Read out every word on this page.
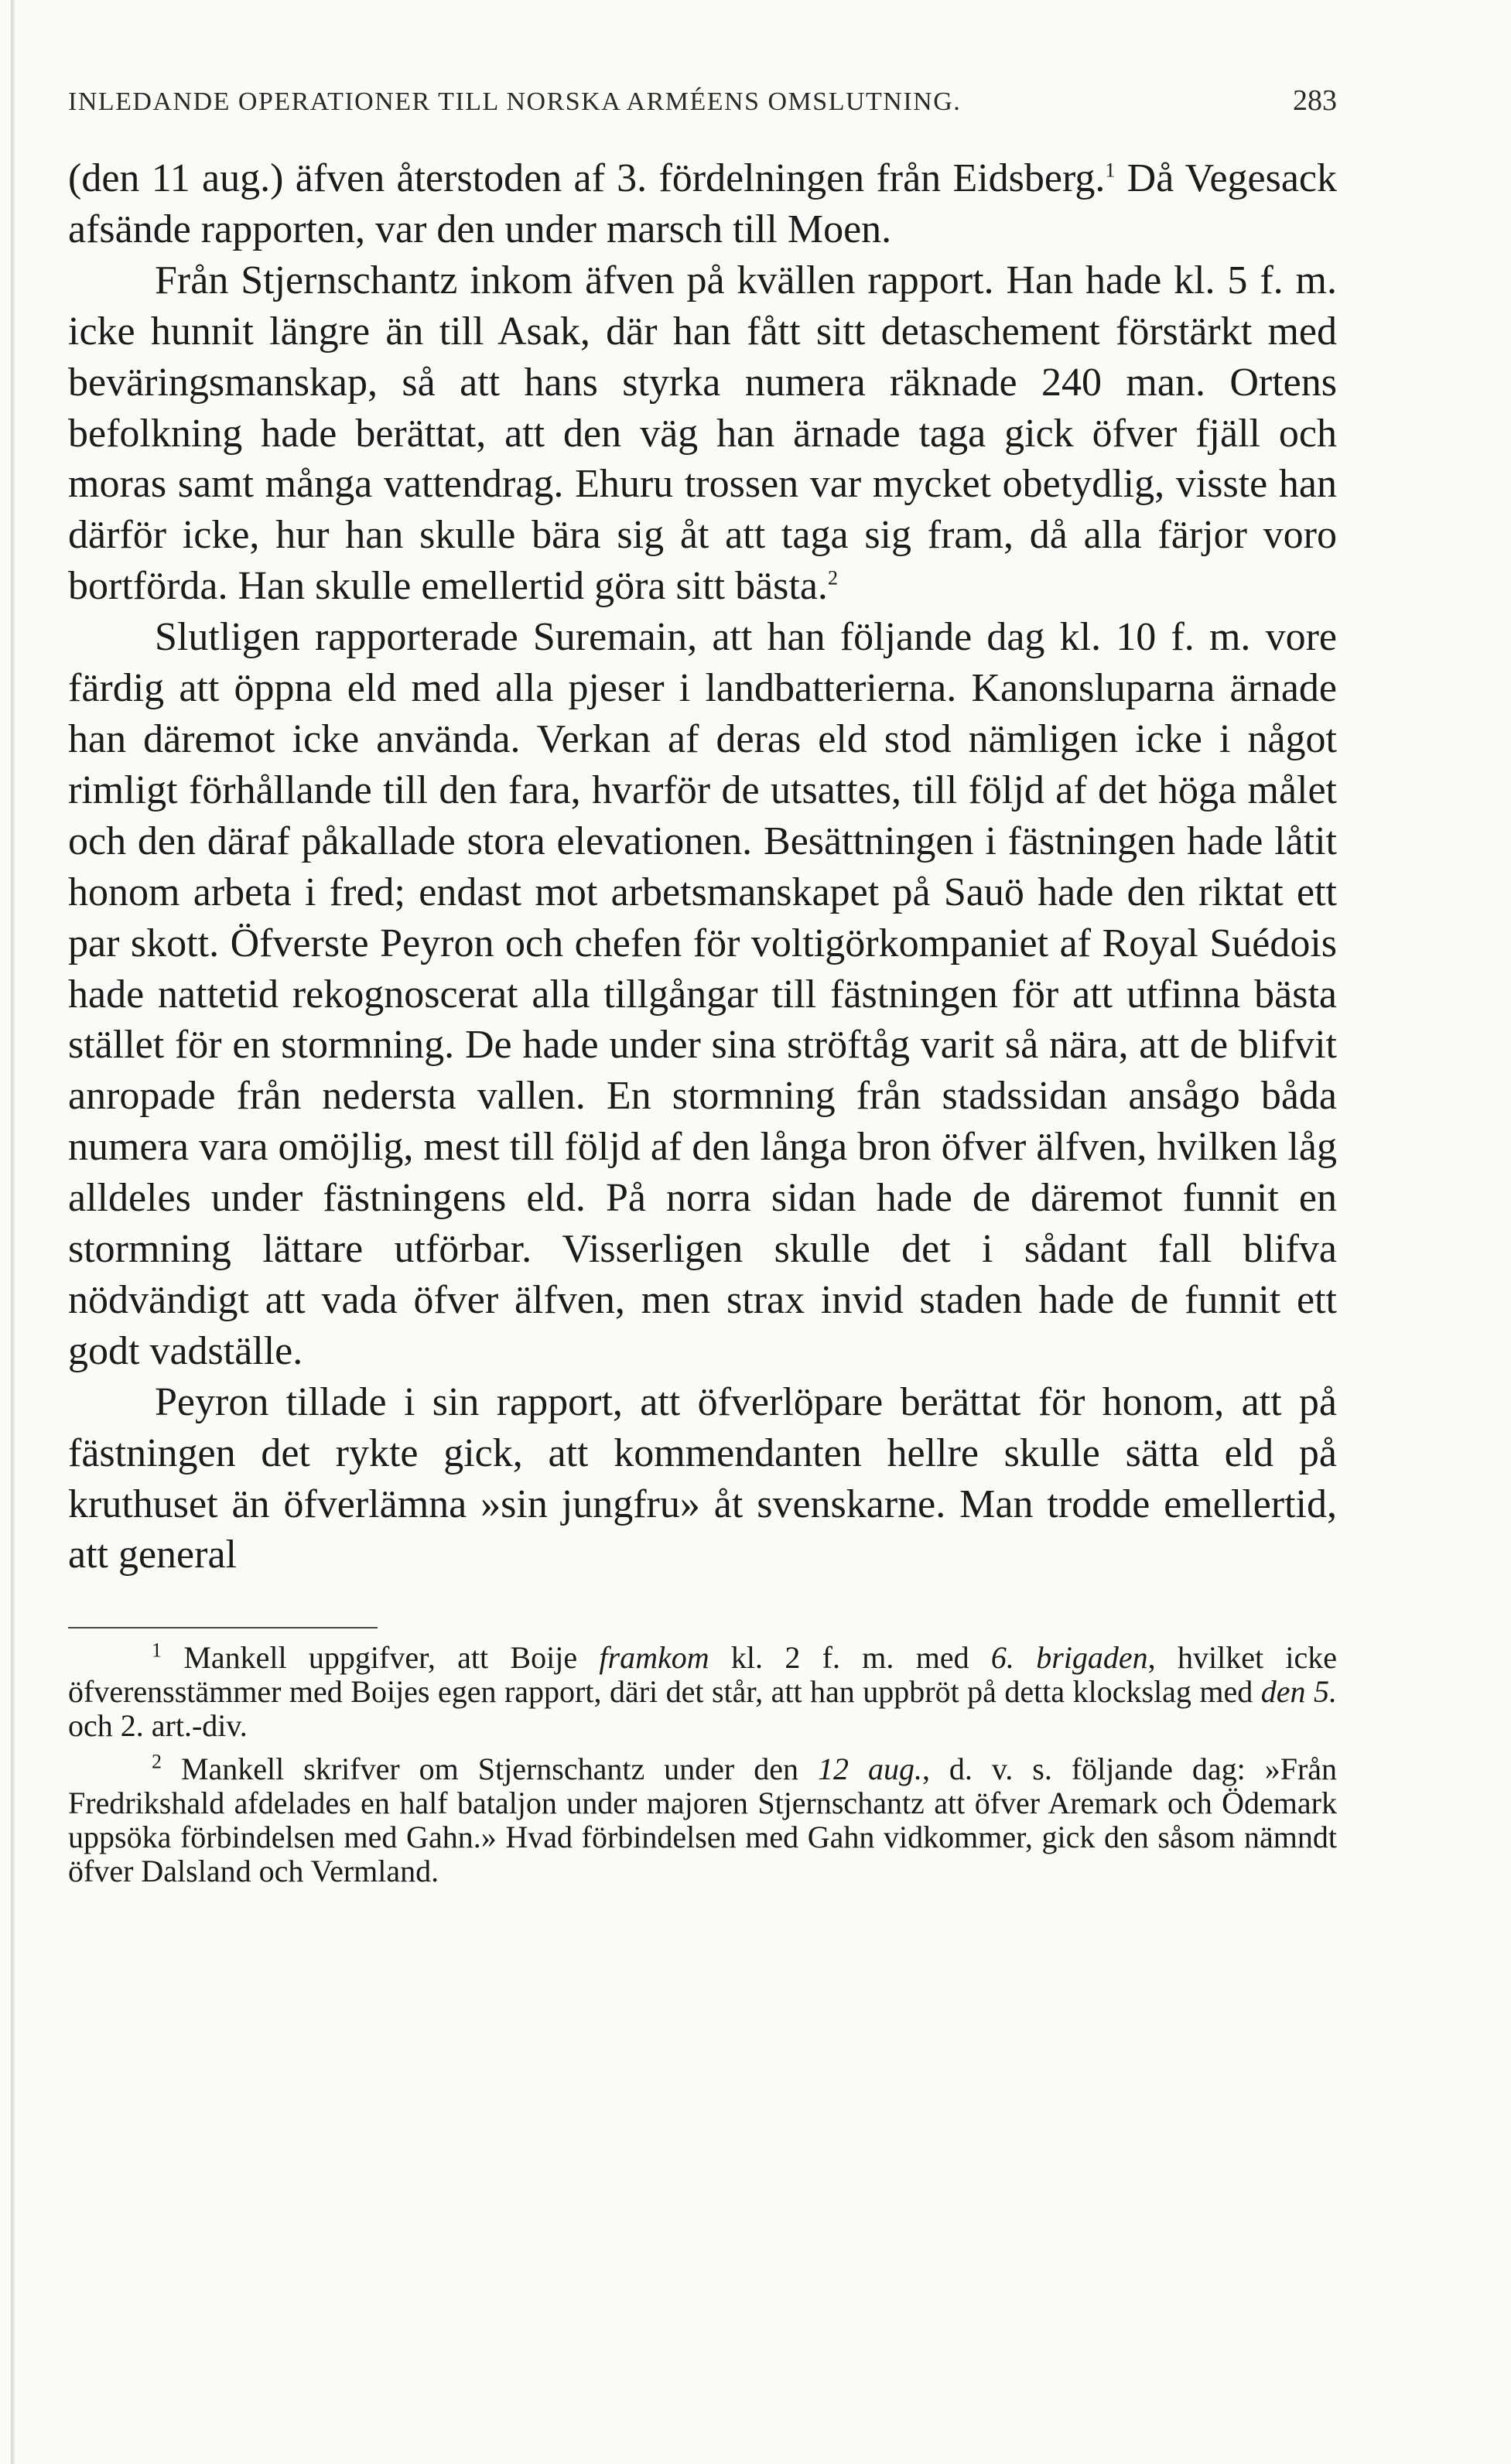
INLEDANDE OPERATIONER TILL NORSKA ARMÉENS OMSLUTNING.	283

(den 11 aug.) äfven återstoden af 3. fördelningen från Eidsberg.$^1$ Då Vegesack afsände rapporten, var den under marsch till Moen.

Från Stjernschantz inkom äfven på kvällen rapport. Han hade kl. 5 f. m. icke hunnit längre än till Asak, där han fått sitt detaschement förstärkt med beväringsmanskap, så att hans styrka numera räknade 240 man. Ortens befolkning hade berättat, att den väg han ärnade taga gick öfver fjäll och moras samt många vattendrag. Ehuru trossen var mycket obetydlig, visste han därför icke, hur han skulle bära sig åt att taga sig fram, då alla färjor voro bortförda. Han skulle emellertid göra sitt bästa.$^2$

Slutligen rapporterade Suremain, att han följande dag kl. 10 f. m. vore färdig att öppna eld med alla pjeser i landbatterierna. Kanonsluparna ärnade han däremot icke använda. Verkan af deras eld stod nämligen icke i något rimligt förhållande till den fara, hvarför de utsattes, till följd af det höga målet och den däraf påkallade stora elevationen. Besättningen i fästningen hade låtit honom arbeta i fred; endast mot arbetsmanskapet på Sauö hade den riktat ett par skott. Öfverste Peyron och chefen för voltigörkompaniet af Royal Suédois hade nattetid rekognoscerat alla tillgångar till fästningen för att utfinna bästa stället för en stormning. De hade under sina ströftåg varit så nära, att de blifvit anropade från nedersta vallen. En stormning från stadssidan ansågo båda numera vara omöjlig, mest till följd af den långa bron öfver älfven, hvilken låg alldeles under fästningens eld. På norra sidan hade de däremot funnit en stormning lättare utförbar. Visserligen skulle det i sådant fall blifva nödvändigt att vada öfver älfven, men strax invid staden hade de funnit ett godt vadställe.

Peyron tillade i sin rapport, att öfverlöpare berättat för honom, att på fästningen det rykte gick, att kommendanten hellre skulle sätta eld på kruthuset än öfverlämna »sin jungfru» åt svenskarne. Man trodde emellertid, att general

$^1$ Mankell uppgifver, att Boije framkom kl. 2 f. m. med 6. brigaden, hvilket icke öfverensstämmer med Boijes egen rapport, däri det står, att han uppbröt på detta klockslag med den 5. och 2. art.-div.

$^2$ Mankell skrifver om Stjernschantz under den 12 aug., d. v. s. följande dag: »Från Fredrikshald afdelades en half bataljon under majoren Stjernschantz att öfver Aremark och Ödemark uppsöka förbindelsen med Gahn.» Hvad förbindelsen med Gahn vidkommer, gick den såsom nämndt öfver Dalsland och Vermland.
